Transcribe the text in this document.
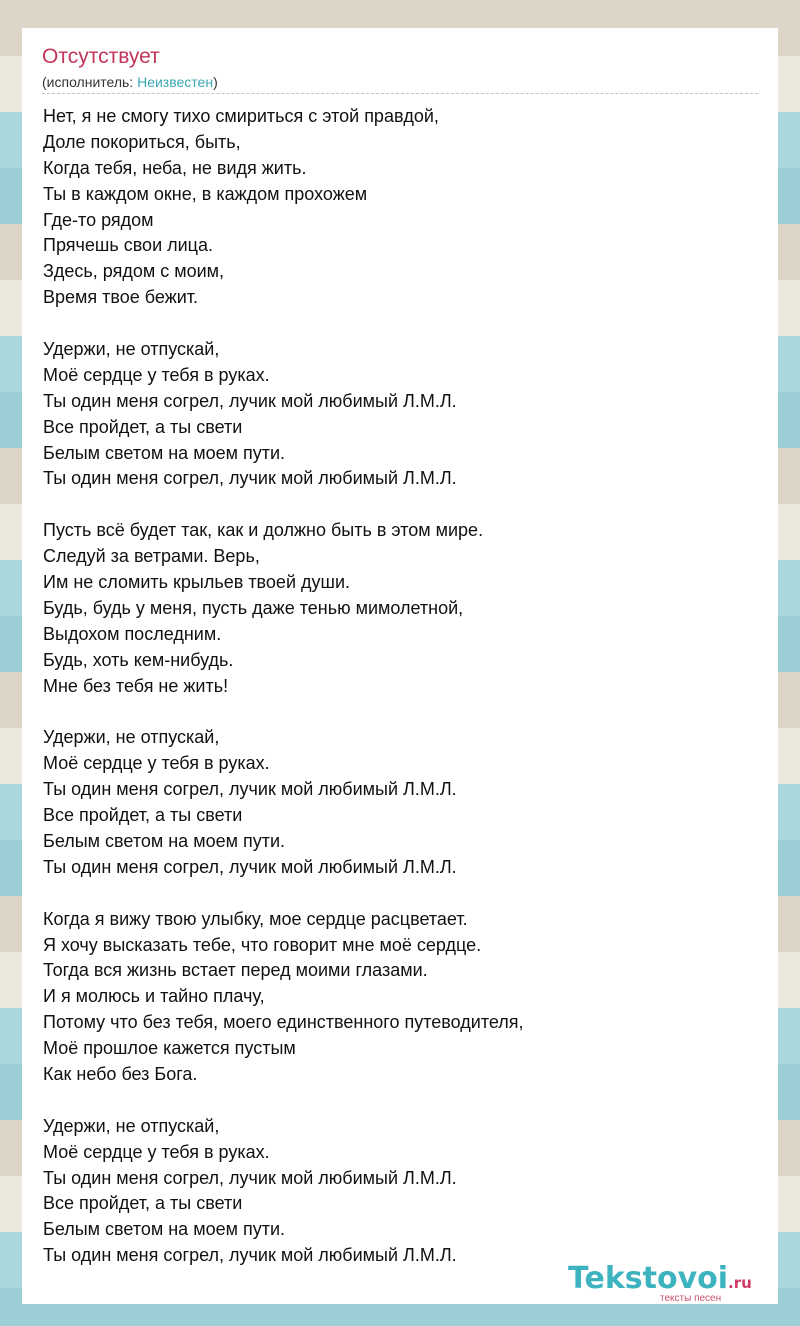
Отсутствует
(исполнитель: Неизвестен)
Нет, я не смогу тихо смириться с этой правдой,
Доле покориться, быть,
Когда тебя, неба, не видя жить.
Ты в каждом окне, в каждом прохожем
Где-то рядом
Прячешь свои лица.
Здесь, рядом с моим,
Время твое бежит.
Удержи, не отпускай,
Моё сердце у тебя в руках.
Ты один меня согрел, лучик мой любимый Л.М.Л.
Все пройдет, а ты свети
Белым светом на моем пути.
Ты один меня согрел, лучик мой любимый Л.М.Л.
Пусть всё будет так, как и должно быть в этом мире.
Следуй за ветрами. Верь,
Им не сломить крыльев твоей души.
Будь, будь у меня, пусть даже тенью мимолетной,
Выдохом последним.
Будь, хоть кем-нибудь.
Мне без тебя не жить!
Удержи, не отпускай,
Моё сердце у тебя в руках.
Ты один меня согрел, лучик мой любимый Л.М.Л.
Все пройдет, а ты свети
Белым светом на моем пути.
Ты один меня согрел, лучик мой любимый Л.М.Л.
Когда я вижу твою улыбку, мое сердце расцветает.
Я хочу высказать тебе, что говорит мне моё сердце.
Тогда вся жизнь встает перед моими глазами.
И я молюсь и тайно плачу,
Потому что без тебя, моего единственного путеводителя,
Моё прошлое кажется пустым
Как небо без Бога.
Удержи, не отпускай,
Моё сердце у тебя в руках.
Ты один меня согрел, лучик мой любимый Л.М.Л.
Все пройдет, а ты свети
Белым светом на моем пути.
Ты один меня согрел, лучик мой любимый Л.М.Л.
Tekstovoi.ru
тексты песен
